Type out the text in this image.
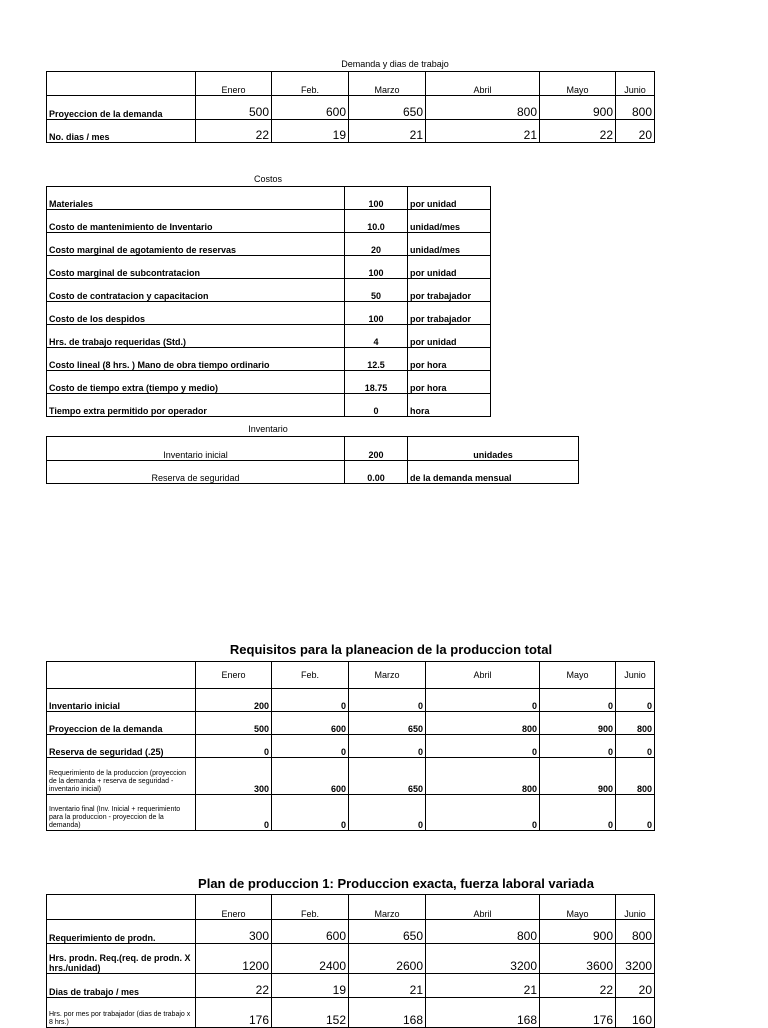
Demanda y dias de trabajo
	Enero	Feb.	Marzo	Abril	Mayo	Junio
Proyeccion de la demanda	500	600	650	800	900	800
No. dias / mes	22	19	21	21	22	20
Costos
Materiales	100	por unidad
Costo de mantenimiento de Inventario	10.0	unidad/mes
Costo marginal de agotamiento de reservas	20	unidad/mes
Costo marginal de subcontratacion	100	por unidad
Costo de contratacion y capacitacion	50	por trabajador
Costo de los despidos	100	por trabajador
Hrs. de trabajo requeridas (Std.)	4	por unidad
Costo lineal (8 hrs. ) Mano de obra tiempo ordinario	12.5	por hora
Costo de tiempo extra (tiempo y medio)	18.75	por hora
Tiempo extra permitido por operador	0	hora
Inventario
Inventario inicial	200	unidades
Reserva de seguridad	0.00	de la demanda mensual
Requisitos para la planeacion de la produccion total
	Enero	Feb.	Marzo	Abril	Mayo	Junio
Inventario inicial	200	0	0	0	0	0
Proyeccion de la demanda	500	600	650	800	900	800
Reserva de seguridad (.25)	0	0	0	0	0	0
Requerimiento de la produccion (proyeccion de la demanda + reserva de seguridad - inventario inicial)	300	600	650	800	900	800
Inventario final (Inv. Inicial + requerimiento para la produccion - proyeccion de la demanda)	0	0	0	0	0	0
Plan de produccion 1: Produccion exacta, fuerza laboral variada
	Enero	Feb.	Marzo	Abril	Mayo	Junio
Requerimiento de prodn.	300	600	650	800	900	800
Hrs. prodn. Req.(req. de prodn. X hrs./unidad)	1200	2400	2600	3200	3600	3200
Dias de trabajo / mes	22	19	21	21	22	20
Hrs. por mes por trabajador (dias de trabajo x 8 hrs.)	176	152	168	168	176	160
